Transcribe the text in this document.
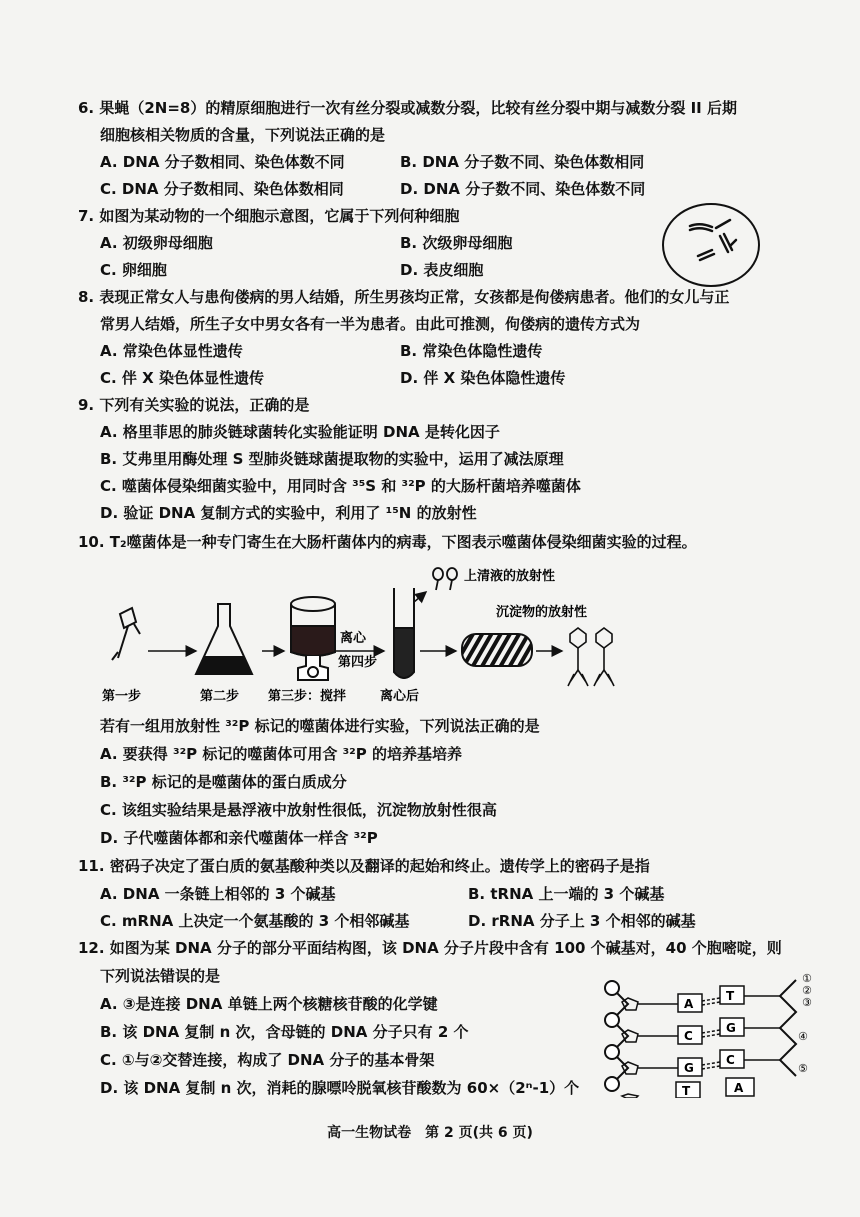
6. 果蝇（2N=8）的精原细胞进行一次有丝分裂或减数分裂，比较有丝分裂中期与减数分裂 II 后期
细胞核相关物质的含量，下列说法正确的是
A. DNA 分子数相同、染色体数不同	B. DNA 分子数不同、染色体数相同
C. DNA 分子数相同、染色体数相同	D. DNA 分子数不同、染色体数不同
7. 如图为某动物的一个细胞示意图，它属于下列何种细胞
A. 初级卵母细胞	B. 次级卵母细胞
C. 卵细胞	D. 表皮细胞
8. 表现正常女人与患佝偻病的男人结婚，所生男孩均正常，女孩都是佝偻病患者。他们的女儿与正
常男人结婚，所生子女中男女各有一半为患者。由此可推测，佝偻病的遗传方式为
A. 常染色体显性遗传	B. 常染色体隐性遗传
C. 伴 X 染色体显性遗传	D. 伴 X 染色体隐性遗传
9. 下列有关实验的说法，正确的是
A. 格里菲思的肺炎链球菌转化实验能证明 DNA 是转化因子
B. 艾弗里用酶处理 S 型肺炎链球菌提取物的实验中，运用了减法原理
C. 噬菌体侵染细菌实验中，用同时含 ³⁵S 和 ³²P 的大肠杆菌培养噬菌体
D. 验证 DNA 复制方式的实验中，利用了 ¹⁵N 的放射性
10. T₂噬菌体是一种专门寄生在大肠杆菌体内的病毒，下图表示噬菌体侵染细菌实验的过程。
离心
第四步
上清液的放射性
沉淀物的放射性
第一步	第二步 第三步：搅拌	离心后
若有一组用放射性 ³²P 标记的噬菌体进行实验，下列说法正确的是
A. 要获得 ³²P 标记的噬菌体可用含 ³²P 的培养基培养
B. ³²P 标记的是噬菌体的蛋白质成分
C. 该组实验结果是悬浮液中放射性很低，沉淀物放射性很高
D. 子代噬菌体都和亲代噬菌体一样含 ³²P
11. 密码子决定了蛋白质的氨基酸种类以及翻译的起始和终止。遗传学上的密码子是指
A. DNA 一条链上相邻的 3 个碱基	B. tRNA 上一端的 3 个碱基
C. mRNA 上决定一个氨基酸的 3 个相邻碱基	D. rRNA 分子上 3 个相邻的碱基
12. 如图为某 DNA 分子的部分平面结构图，该 DNA 分子片段中含有 100 个碱基对，40 个胞嘧啶，则
下列说法错误的是
A. ③是连接 DNA 单链上两个核糖核苷酸的化学键
B. 该 DNA 复制 n 次，含母链的 DNA 分子只有 2 个
C. ①与②交替连接，构成了 DNA 分子的基本骨架
D. 该 DNA 复制 n 次，消耗的腺嘌呤脱氧核苷酸数为 60×（2ⁿ-1）个
A
C
G
T
T
G
C
A
①
②
③
④
⑤
高一生物试卷　第 2 页(共 6 页)
